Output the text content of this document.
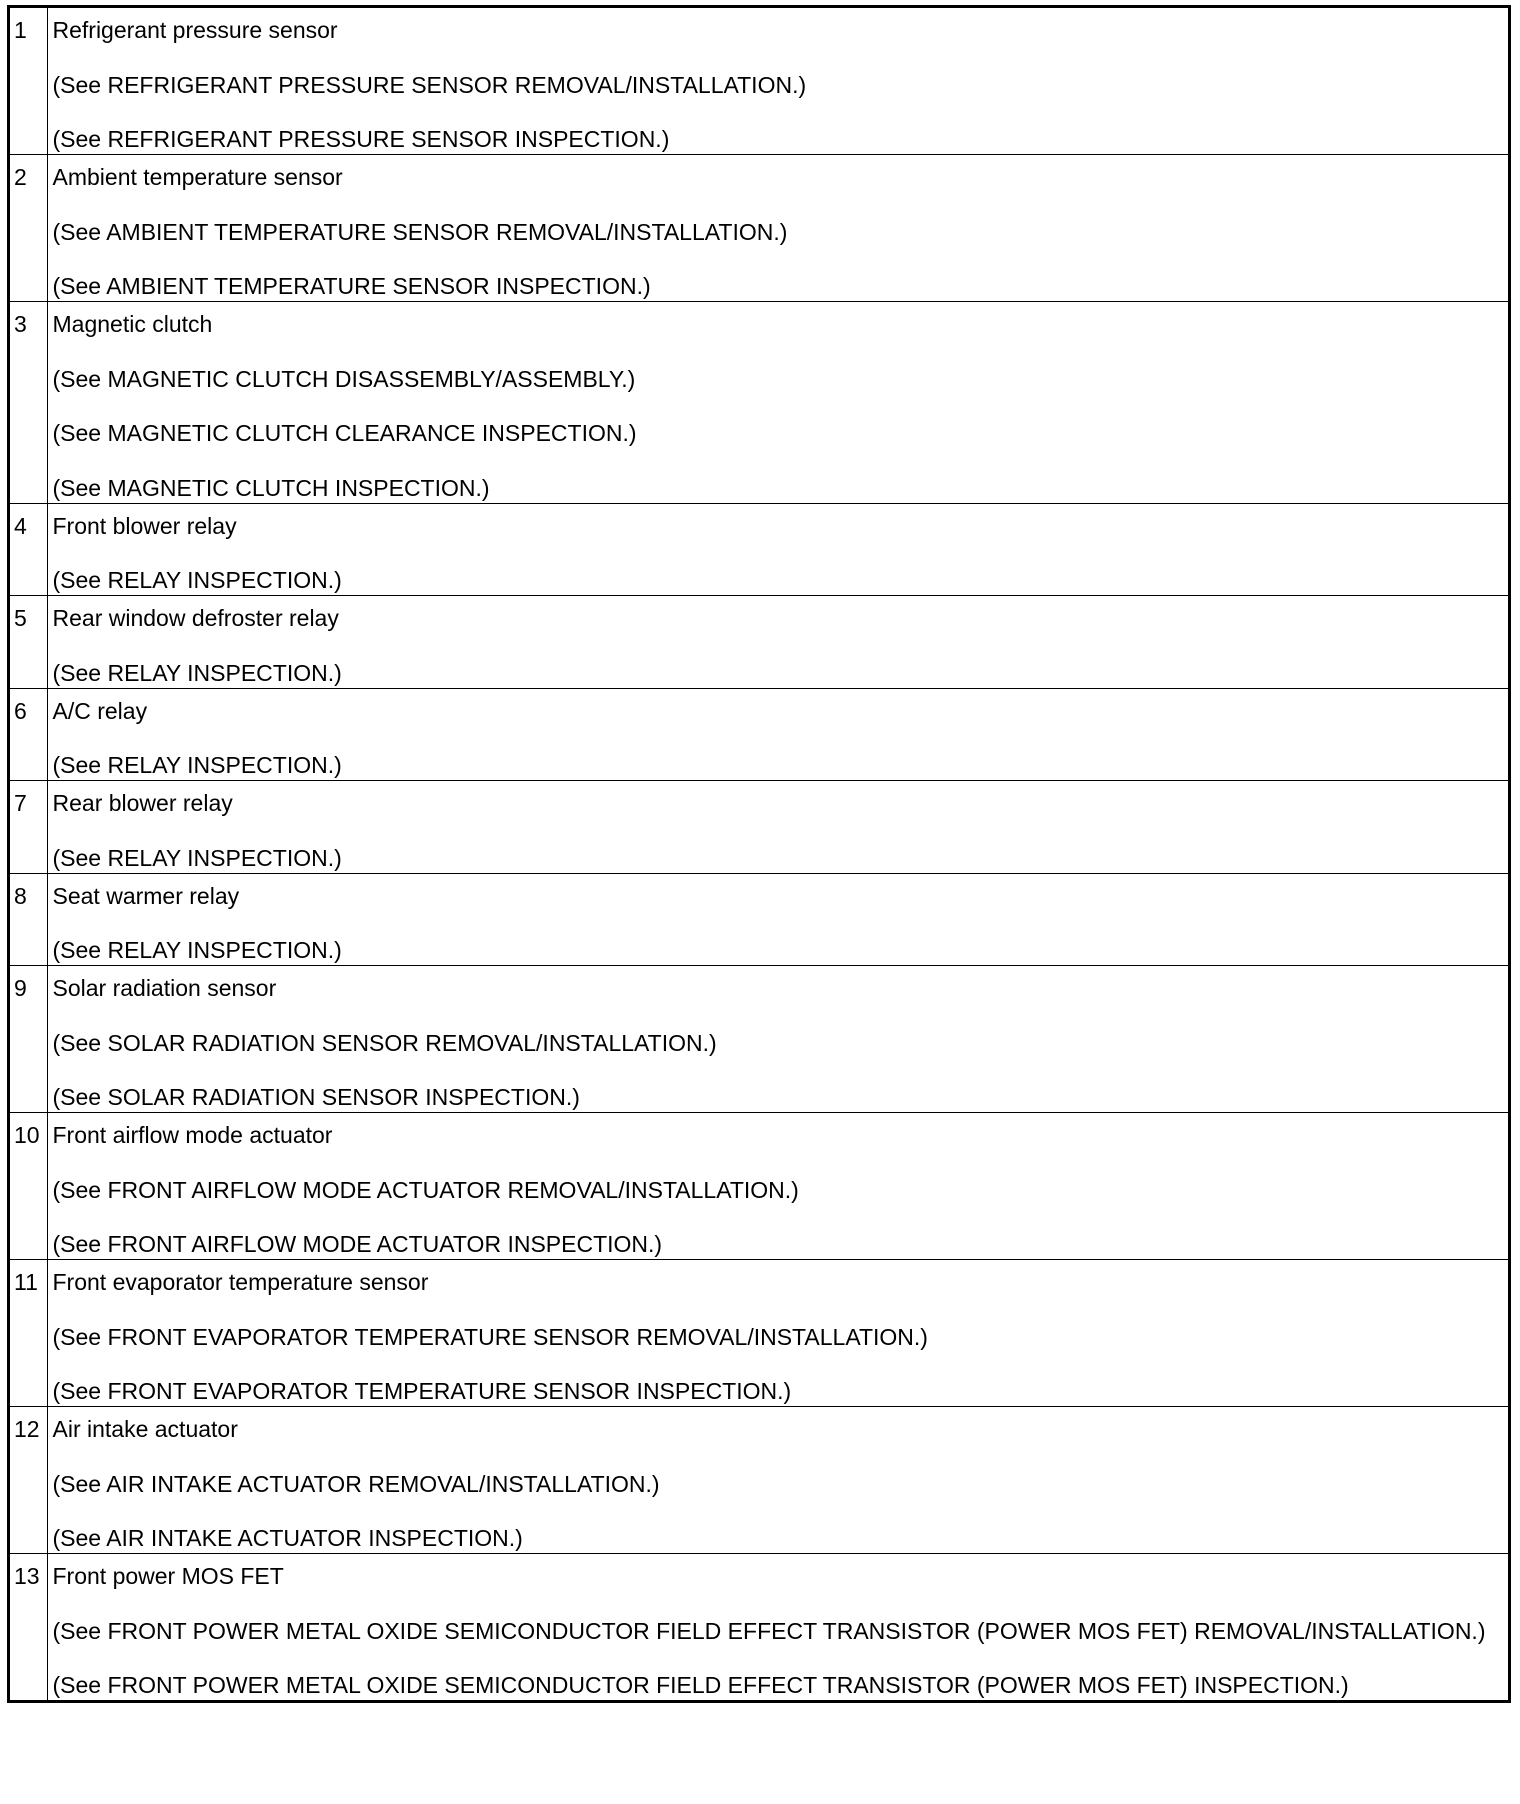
1	Refrigerant pressure sensor
(See REFRIGERANT PRESSURE SENSOR REMOVAL/INSTALLATION.)
(See REFRIGERANT PRESSURE SENSOR INSPECTION.)

2	Ambient temperature sensor
(See AMBIENT TEMPERATURE SENSOR REMOVAL/INSTALLATION.)
(See AMBIENT TEMPERATURE SENSOR INSPECTION.)

3	Magnetic clutch
(See MAGNETIC CLUTCH DISASSEMBLY/ASSEMBLY.)
(See MAGNETIC CLUTCH CLEARANCE INSPECTION.)
(See MAGNETIC CLUTCH INSPECTION.)

4	Front blower relay
(See RELAY INSPECTION.)

5	Rear window defroster relay
(See RELAY INSPECTION.)

6	A/C relay
(See RELAY INSPECTION.)

7	Rear blower relay
(See RELAY INSPECTION.)

8	Seat warmer relay
(See RELAY INSPECTION.)

9	Solar radiation sensor
(See SOLAR RADIATION SENSOR REMOVAL/INSTALLATION.)
(See SOLAR RADIATION SENSOR INSPECTION.)

10	Front airflow mode actuator
(See FRONT AIRFLOW MODE ACTUATOR REMOVAL/INSTALLATION.)
(See FRONT AIRFLOW MODE ACTUATOR INSPECTION.)

11	Front evaporator temperature sensor
(See FRONT EVAPORATOR TEMPERATURE SENSOR REMOVAL/INSTALLATION.)
(See FRONT EVAPORATOR TEMPERATURE SENSOR INSPECTION.)

12	Air intake actuator
(See AIR INTAKE ACTUATOR REMOVAL/INSTALLATION.)
(See AIR INTAKE ACTUATOR INSPECTION.)

13	Front power MOS FET
(See FRONT POWER METAL OXIDE SEMICONDUCTOR FIELD EFFECT TRANSISTOR (POWER MOS FET) REMOVAL/INSTALLATION.)
(See FRONT POWER METAL OXIDE SEMICONDUCTOR FIELD EFFECT TRANSISTOR (POWER MOS FET) INSPECTION.)
